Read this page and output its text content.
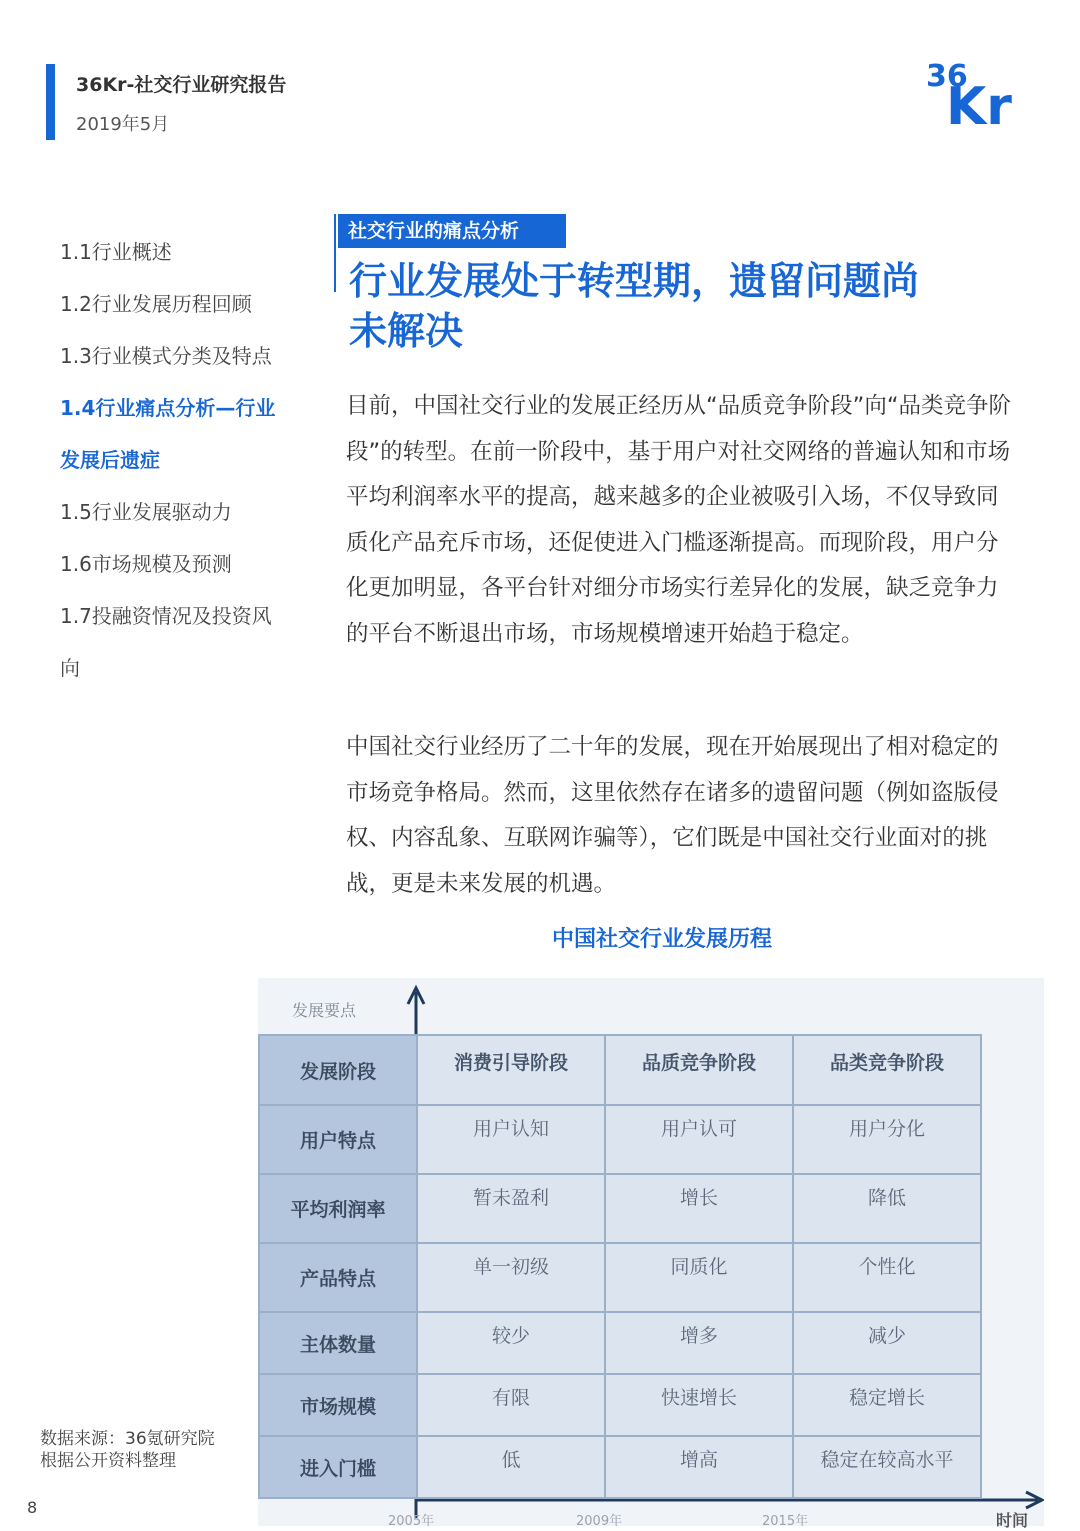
36Kr-社交行业研究报告
2019年5月
36
Kr
1.1行业概述
1.2行业发展历程回顾
1.3行业模式分类及特点
1.4行业痛点分析—行业
发展后遗症
1.5行业发展驱动力
1.6市场规模及预测
1.7投融资情况及投资风
向
社交行业的痛点分析
行业发展处于转型期，遗留问题尚
未解决

目前，中国社交行业的发展正经历从“品质竞争阶段”向“品类竞争阶段”的转型。在前一阶段中，基于用户对社交网络的普遍认知和市场平均利润率水平的提高，越来越多的企业被吸引入场，不仅导致同质化产品充斥市场，还促使进入门槛逐渐提高。而现阶段，用户分化更加明显，各平台针对细分市场实行差异化的发展，缺乏竞争力的平台不断退出市场，市场规模增速开始趋于稳定。

中国社交行业经历了二十年的发展，现在开始展现出了相对稳定的市场竞争格局。然而，这里依然存在诸多的遗留问题（例如盗版侵权、内容乱象、互联网诈骗等），它们既是中国社交行业面对的挑战，更是未来发展的机遇。

中国社交行业发展历程
发展要点
发展阶段	消费引导阶段	品质竞争阶段	品类竞争阶段
用户特点	用户认知	用户认可	用户分化
平均利润率	暂未盈利	增长	降低
产品特点	单一初级	同质化	个性化
主体数量	较少	增多	减少
市场规模	有限	快速增长	稳定增长
进入门槛	低	增高	稳定在较高水平
2005年	2009年	2015年	时间
数据来源：36氪研究院
根据公开资料整理
8
